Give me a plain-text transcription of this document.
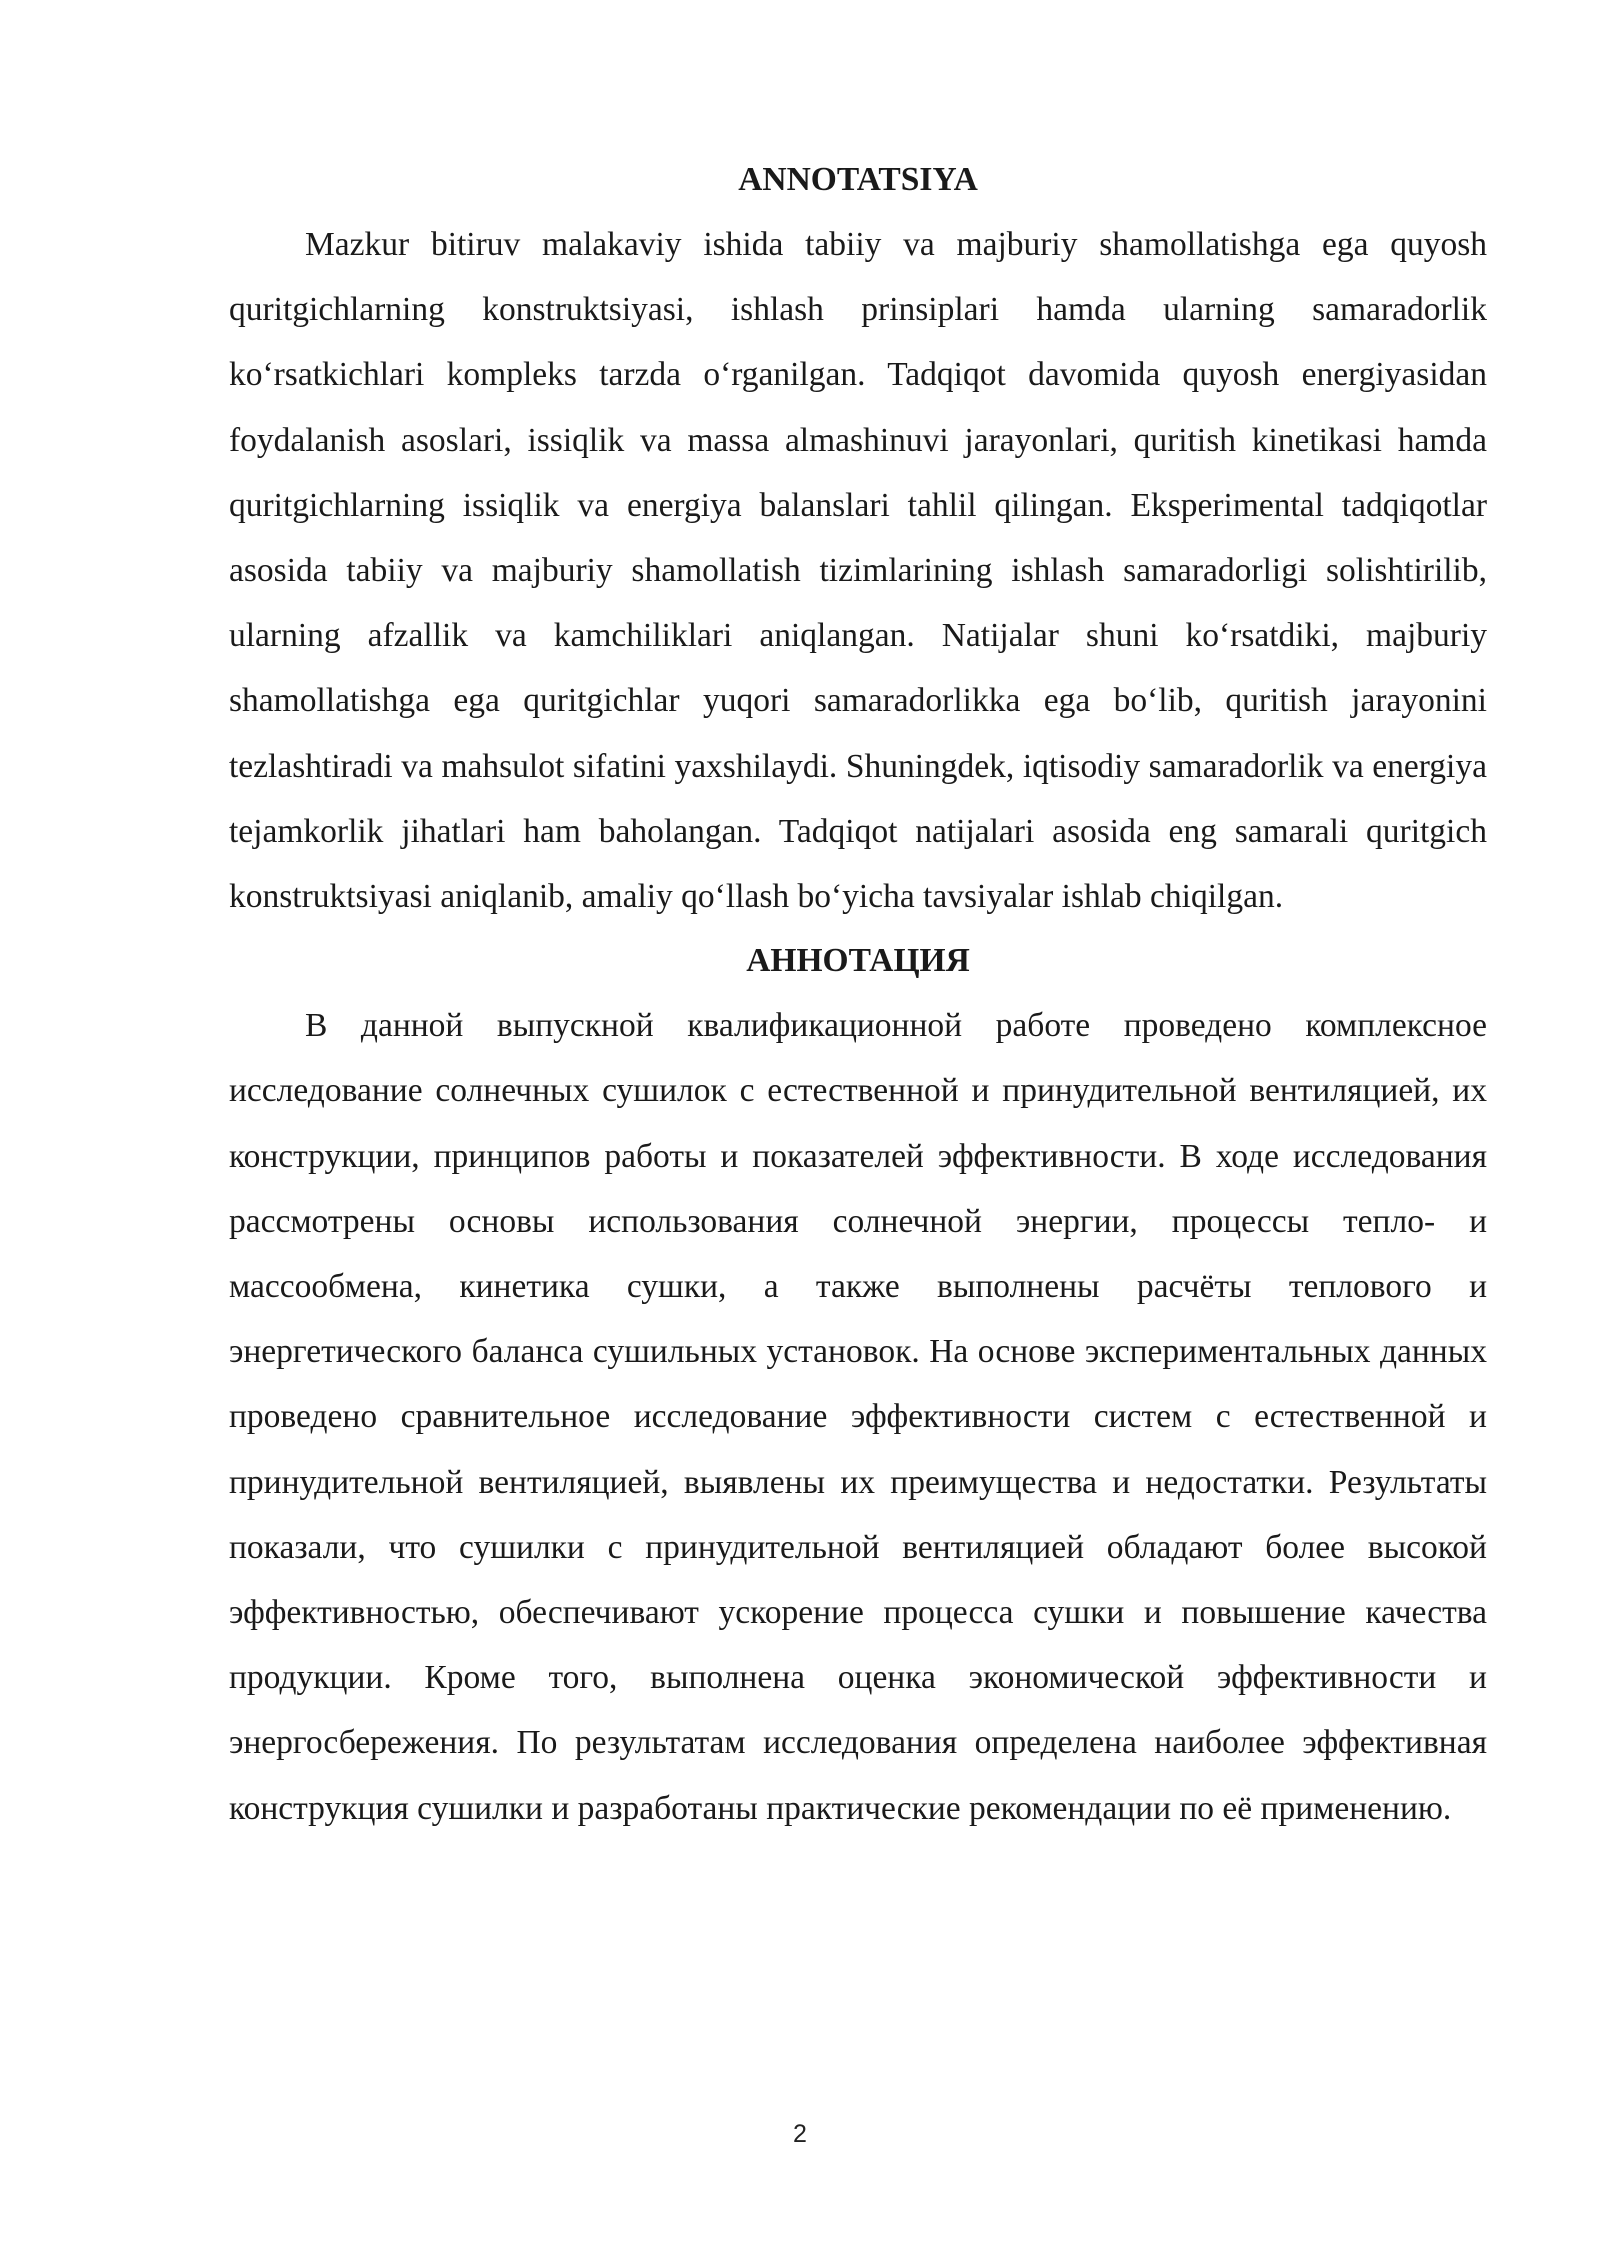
ANNOTATSIYA

Mazkur bitiruv malakaviy ishida tabiiy va majburiy shamollatishga ega quyosh quritgichlarning konstruktsiyasi, ishlash prinsiplari hamda ularning samaradorlik koʻrsatkichlari kompleks tarzda oʻrganilgan. Tadqiqot davomida quyosh energiyasidan foydalanish asoslari, issiqlik va massa almashinuvi jarayonlari, quritish kinetikasi hamda quritgichlarning issiqlik va energiya balanslari tahlil qilingan. Eksperimental tadqiqotlar asosida tabiiy va majburiy shamollatish tizimlarining ishlash samaradorligi solishtirilib, ularning afzallik va kamchiliklari aniqlangan. Natijalar shuni koʻrsatdiki, majburiy shamollatishga ega quritgichlar yuqori samaradorlikka ega boʻlib, quritish jarayonini tezlashtiradi va mahsulot sifatini yaxshilaydi. Shuningdek, iqtisodiy samaradorlik va energiya tejamkorlik jihatlari ham baholangan. Tadqiqot natijalari asosida eng samarali quritgich konstruktsiyasi aniqlanib, amaliy qoʻllash boʻyicha tavsiyalar ishlab chiqilgan.

АННОТАЦИЯ

В данной выпускной квалификационной работе проведено комплексное исследование солнечных сушилок с естественной и принудительной вентиляцией, их конструкции, принципов работы и показателей эффективности. В ходе исследования рассмотрены основы использования солнечной энергии, процессы тепло- и массообмена, кинетика сушки, а также выполнены расчёты теплового и энергетического баланса сушильных установок. На основе экспериментальных данных проведено сравнительное исследование эффективности систем с естественной и принудительной вентиляцией, выявлены их преимущества и недостатки. Результаты показали, что сушилки с принудительной вентиляцией обладают более высокой эффективностью, обеспечивают ускорение процесса сушки и повышение качества продукции. Кроме того, выполнена оценка экономической эффективности и энергосбережения. По результатам исследования определена наиболее эффективная конструкция сушилки и разработаны практические рекомендации по её применению.

2
